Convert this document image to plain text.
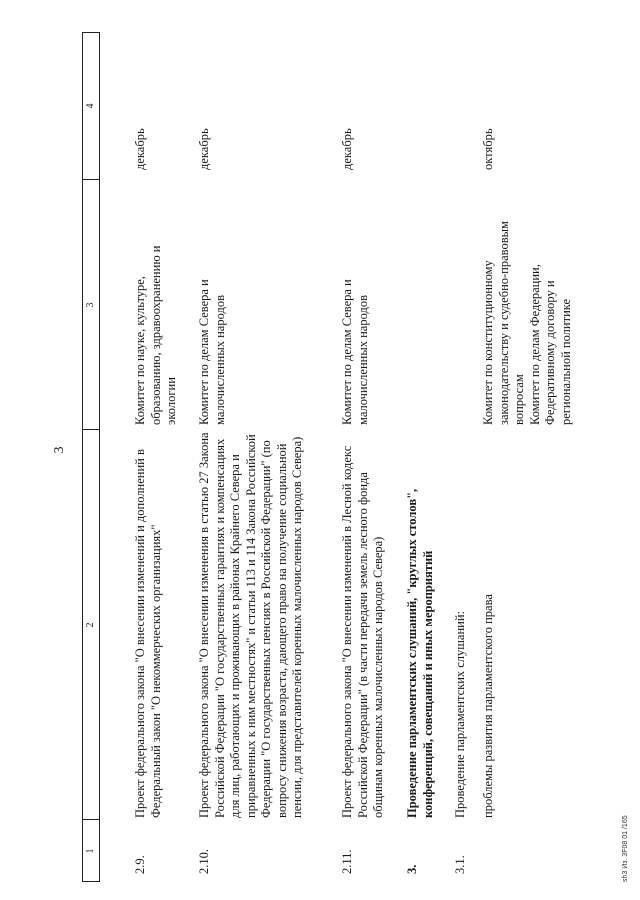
3
1
2
3
4
2.9.
Проект федерального закона "О внесении изменений и дополнений в Федеральный закон "О некоммерческих организациях"
Комитет по науке, культуре, образованию, здравоохранению и экологии
декабрь
2.10.
Проект федерального закона "О внесении изменения в статью 27 Закона Российской Федерации "О государственных гарантиях и компенсациях для лиц, работающих и проживающих в районах Крайнего Севера и приравненных к ним местностях" и статьи 113 и 114 Закона Российской Федерации "О государственных пенсиях в Российской Федерации" (по вопросу снижения возраста, дающего право на получение социальной пенсии, для представителей коренных малочисленных народов Севера)
Комитет по делам Севера и малочисленных народов
декабрь
2.11.
Проект федерального закона "О внесении изменений в Лесной кодекс Российской Федерации" (в части передачи земель лесного фонда общинам коренных малочисленных народов Севера)
Комитет по делам Севера и малочисленных народов
декабрь
3.
Проведение парламентских слушаний, "круглых столов", конференций, совещаний и иных мероприятий
3.1.
Проведение парламентских слушаний: проблемы развития парламентского права
Комитет по конституционному законодательству и судебно-правовым вопросам
Комитет по делам Федерации, Федеративному договору и региональной политике
октябрь
sh3 Из. 3F08 01 /165
